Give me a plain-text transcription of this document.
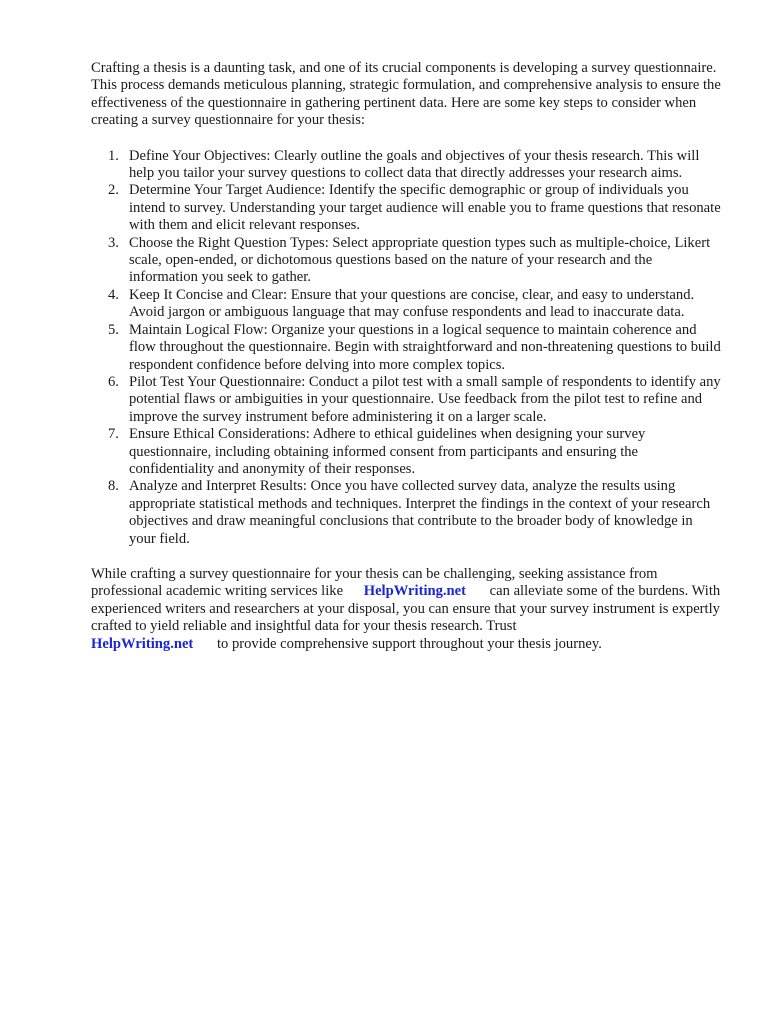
Crafting a thesis is a daunting task, and one of its crucial components is developing a survey questionnaire. This process demands meticulous planning, strategic formulation, and comprehensive analysis to ensure the effectiveness of the questionnaire in gathering pertinent data. Here are some key steps to consider when creating a survey questionnaire for your thesis:

1. Define Your Objectives: Clearly outline the goals and objectives of your thesis research. This will help you tailor your survey questions to collect data that directly addresses your research aims.
2. Determine Your Target Audience: Identify the specific demographic or group of individuals you intend to survey. Understanding your target audience will enable you to frame questions that resonate with them and elicit relevant responses.
3. Choose the Right Question Types: Select appropriate question types such as multiple-choice, Likert scale, open-ended, or dichotomous questions based on the nature of your research and the information you seek to gather.
4. Keep It Concise and Clear: Ensure that your questions are concise, clear, and easy to understand. Avoid jargon or ambiguous language that may confuse respondents and lead to inaccurate data.
5. Maintain Logical Flow: Organize your questions in a logical sequence to maintain coherence and flow throughout the questionnaire. Begin with straightforward and non-threatening questions to build respondent confidence before delving into more complex topics.
6. Pilot Test Your Questionnaire: Conduct a pilot test with a small sample of respondents to identify any potential flaws or ambiguities in your questionnaire. Use feedback from the pilot test to refine and improve the survey instrument before administering it on a larger scale.
7. Ensure Ethical Considerations: Adhere to ethical guidelines when designing your survey questionnaire, including obtaining informed consent from participants and ensuring the confidentiality and anonymity of their responses.
8. Analyze and Interpret Results: Once you have collected survey data, analyze the results using appropriate statistical methods and techniques. Interpret the findings in the context of your research objectives and draw meaningful conclusions that contribute to the broader body of knowledge in your field.

While crafting a survey questionnaire for your thesis can be challenging, seeking assistance from professional academic writing services like HelpWriting.net can alleviate some of the burdens. With experienced writers and researchers at your disposal, you can ensure that your survey instrument is expertly crafted to yield reliable and insightful data for your thesis research. Trust
HelpWriting.net to provide comprehensive support throughout your thesis journey.
